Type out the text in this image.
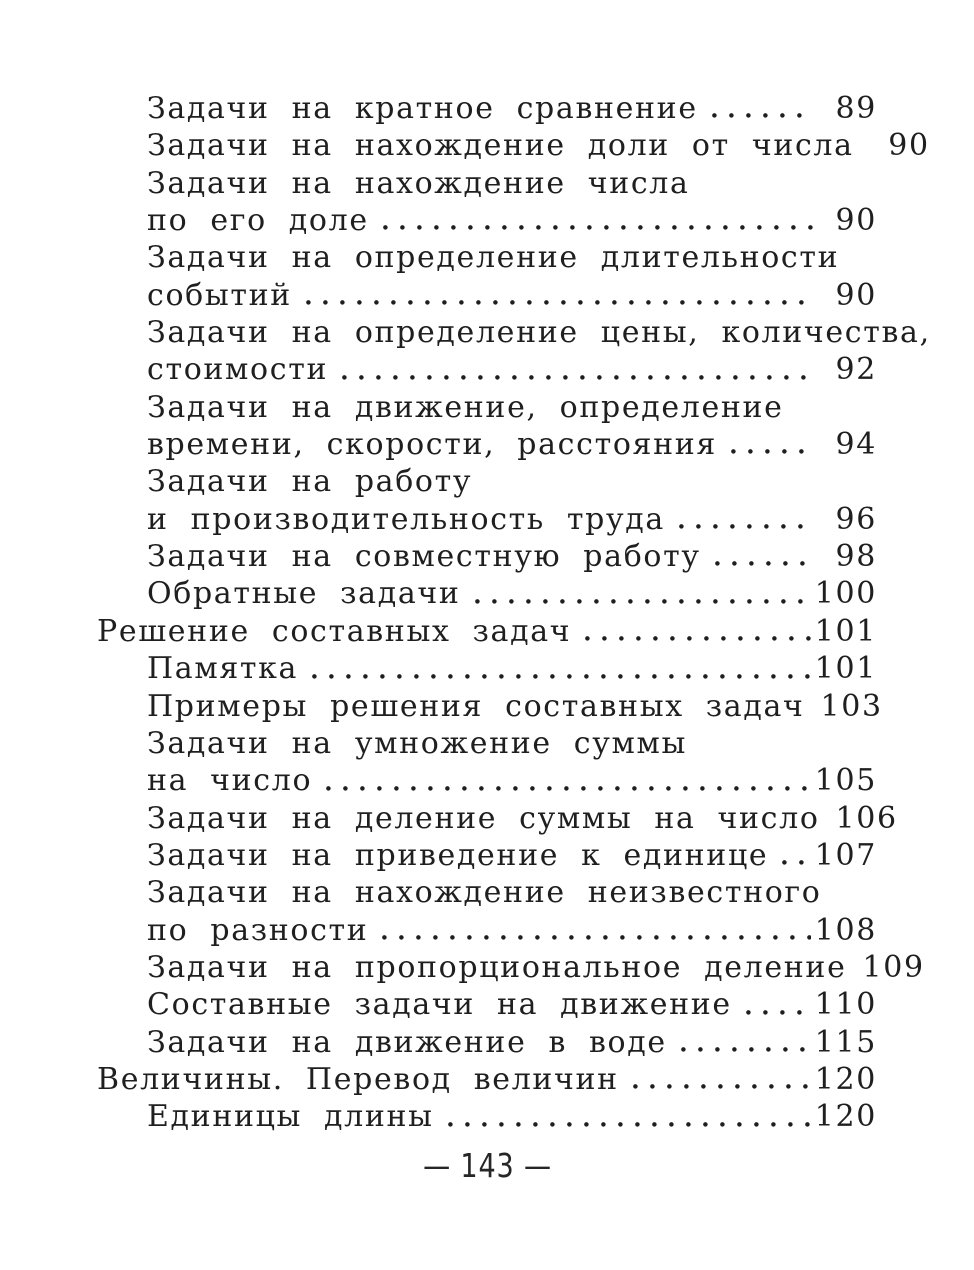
Задачи на кратное сравнение	89
Задачи на нахождение доли от числа	90
Задачи на нахождение числа
по его доле	90
Задачи на определение длительности
событий	90
Задачи на определение цены, количества,
стоимости	92
Задачи на движение, определение
времени, скорости, расстояния	94
Задачи на работу
и производительность труда	96
Задачи на совместную работу	98
Обратные задачи	100
Решение составных задач	101
Памятка	101
Примеры решения составных задач 103
Задачи на умножение суммы
на число	105
Задачи на деление суммы на число 106
Задачи на приведение к единице 107
Задачи на нахождение неизвестного
по разности	108
Задачи на пропорциональное деление 109
Составные задачи на движение	110
Задачи на движение в воде	115
Величины. Перевод величин	120
Единицы длины	120
— 143 —
